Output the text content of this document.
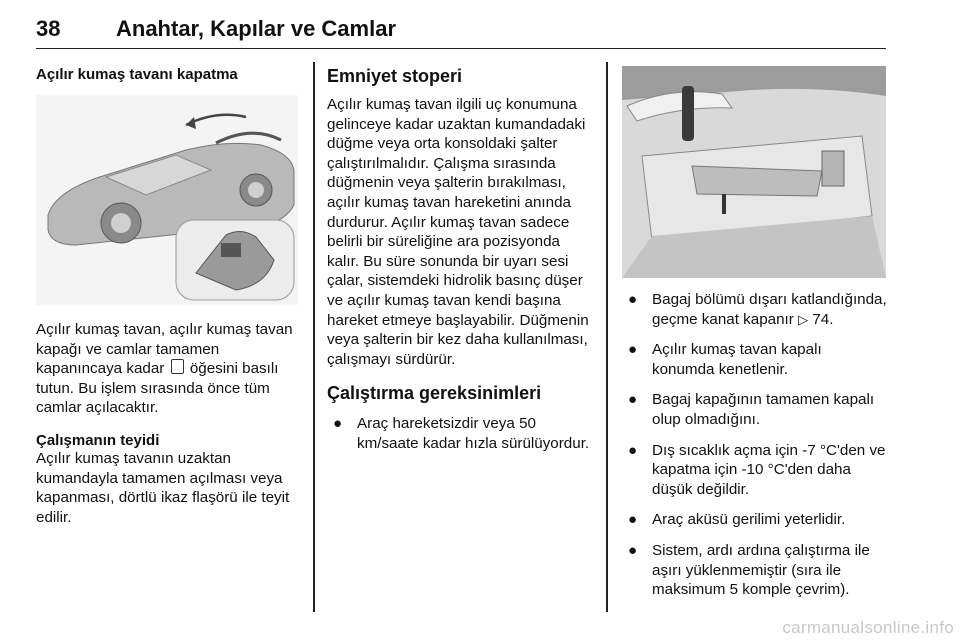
38	Anahtar, Kapılar ve Camlar

Açılır kumaş tavanı kapatma

Açılır kumaş tavan, açılır kumaş tavan kapağı ve camlar tamamen kapanıncaya kadar öğesini basılı tutun. Bu işlem sırasında önce tüm camlar açılacaktır.

Çalışmanın teyidi

Açılır kumaş tavanın uzaktan kumandayla tamamen açılması veya kapanması, dörtlü ikaz flaşörü ile teyit edilir.

Emniyet stoperi

Açılır kumaş tavan ilgili uç konumuna gelinceye kadar uzaktan kumandadaki düğme veya orta konsoldaki şalter çalıştırılmalıdır. Çalışma sırasında düğmenin veya şalterin bırakılması, açılır kumaş tavan hareketini anında durdurur. Açılır kumaş tavan sadece belirli bir süreliğine ara pozisyonda kalır. Bu süre sonunda bir uyarı sesi çalar, sistemdeki hidrolik basınç düşer ve açılır kumaş tavan kendi başına hareket etmeye başlayabilir. Düğmenin veya şalterin bir kez daha kullanılması, çalışmayı sürdürür.

Çalıştırma gereksinimleri

● Araç hareketsizdir veya 50 km/saate kadar hızla sürülüyordur.
● Bagaj bölümü dışarı katlandığında, geçme kanat kapanır ▷ 74.
● Açılır kumaş tavan kapalı konumda kenetlenir.
● Bagaj kapağının tamamen kapalı olup olmadığını.
● Dış sıcaklık açma için -7 °C'den ve kapatma için -10 °C'den daha düşük değildir.
● Araç aküsü gerilimi yeterlidir.
● Sistem, ardı ardına çalıştırma ile aşırı yüklenmemiştir (sıra ile maksimum 5 komple çevrim).
carmanualsonline.info
